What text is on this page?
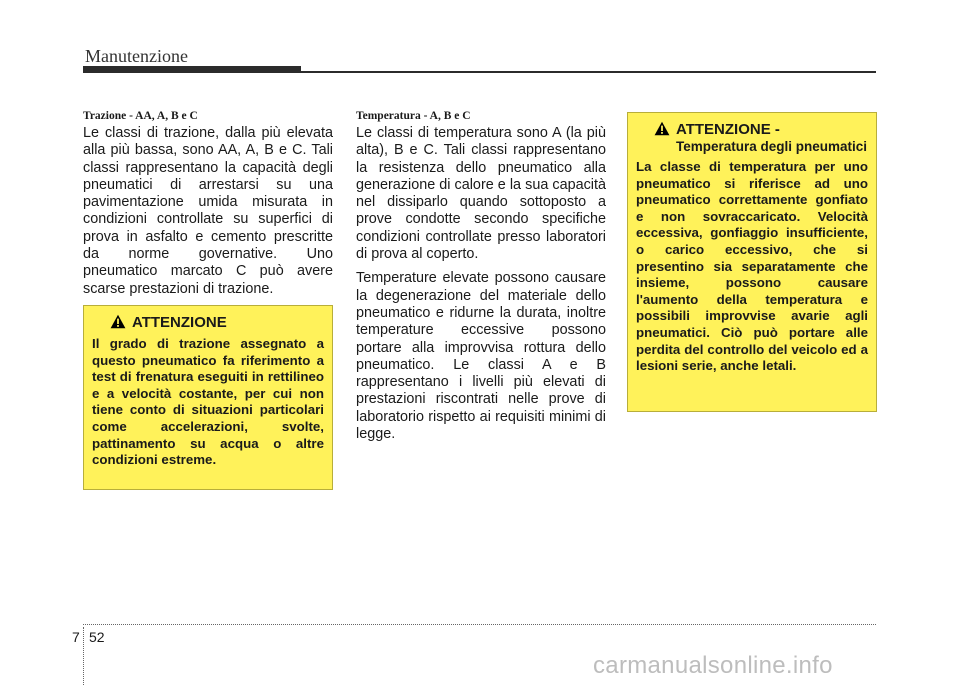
Manutenzione
Trazione - AA, A, B e C

Le classi di trazione, dalla più elevata alla più bassa, sono AA, A, B e C. Tali classi rappresentano la capacità degli pneumatici di arrestarsi su una pavimentazione umida misurata in condizioni controllate su superfici di prova in asfalto e cemento prescritte da norme governative. Uno pneumatico marcato C può avere scarse prestazioni di trazione.

ATTENZIONE
Il grado di trazione assegnato a questo pneumatico fa riferimento a test di frenatura eseguiti in rettilineo e a velocità costante, per cui non tiene conto di situazioni particolari come accelerazioni, svolte, pattinamento su acqua o altre condizioni estreme.
Temperatura - A, B e C

Le classi di temperatura sono A (la più alta), B e C. Tali classi rappresentano la resistenza dello pneumatico alla generazione di calore e la sua capacità nel dissiparlo quando sottoposto a prove condotte secondo specifiche condizioni controllate presso laboratori di prova al coperto.

Temperature elevate possono causare la degenerazione del materiale dello pneumatico e ridurne la durata, inoltre temperature eccessive possono portare alla improvvisa rottura dello pneumatico. Le classi A e B rappresentano i livelli più elevati di prestazioni riscontrati nelle prove di laboratorio rispetto ai requisiti minimi di legge.

ATTENZIONE -
Temperatura degli pneumatici
La classe di temperatura per uno pneumatico si riferisce ad uno pneumatico correttamente gonfiato e non sovraccaricato. Velocità eccessiva, gonfiaggio insufficiente, o carico eccessivo, che si presentino sia separatamente che insieme, possono causare l'aumento della temperatura e possibili improvvise avarie agli pneumatici. Ciò può portare alle perdita del controllo del veicolo ed a lesioni serie, anche letali.
7 52
carmanualsonline.info
